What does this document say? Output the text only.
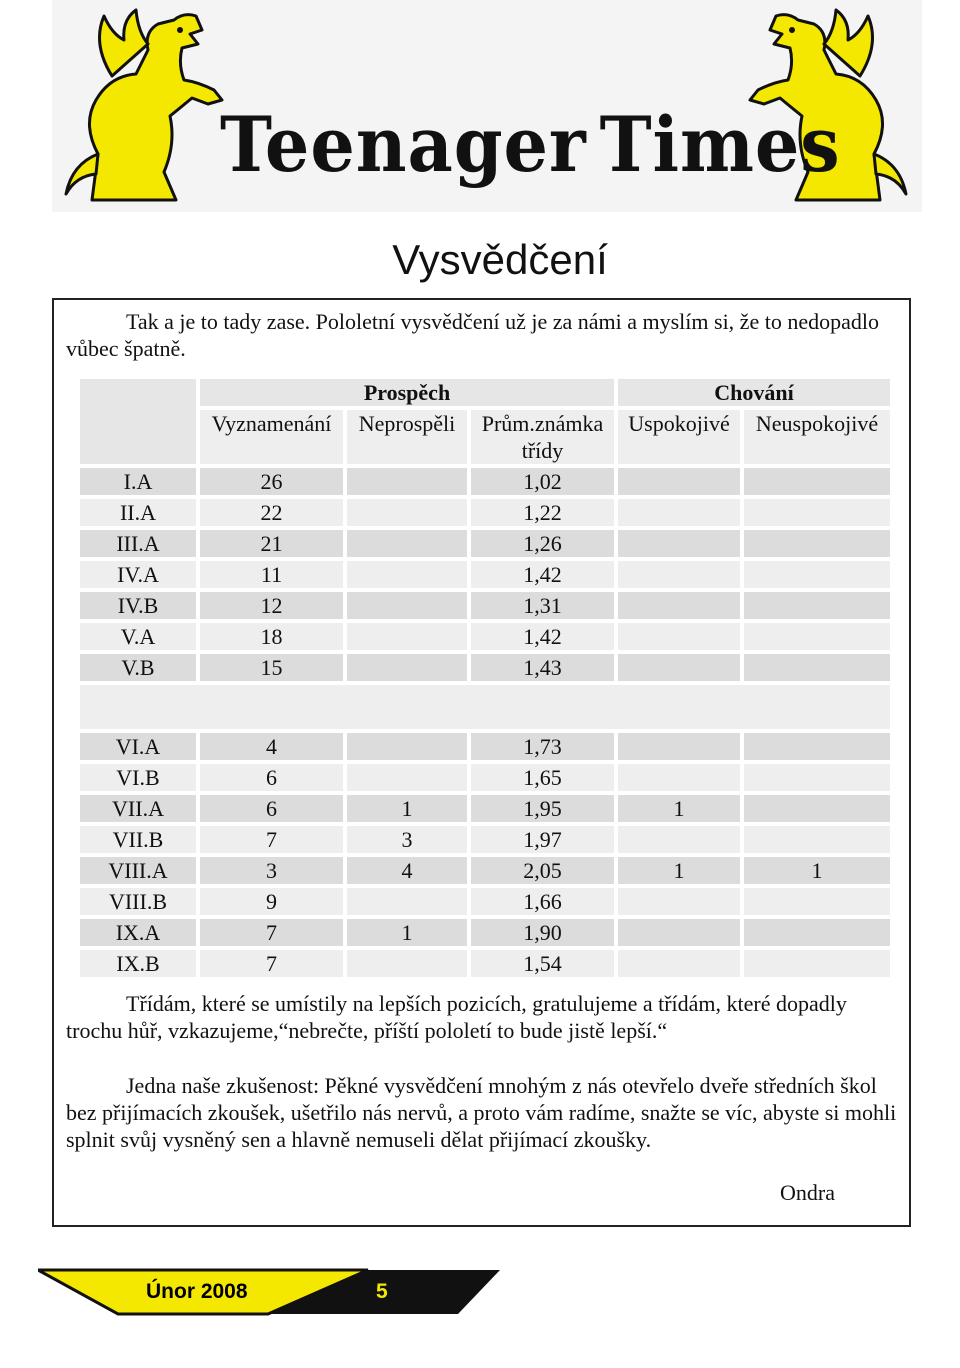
Teenager Times
Vysvědčení

Tak a je to tady zase. Pololetní vysvědčení už je za námi a myslím si, že to nedopadlo vůbec špatně.

Třídám, které se umístily na lepších pozicích, gratulujeme a třídám, které dopadly trochu hůř, vzkazujeme,“nebrečte, příští pololetí to bude jistě lepší.“

Jedna naše zkušenost: Pěkné vysvědčení mnohým z nás otevřelo dveře středních škol bez přijímacích zkoušek, ušetřilo nás nervů, a proto vám radíme, snažte se víc, abyste si mohli splnit svůj vysněný sen a hlavně nemuseli dělat přijímací zkoušky.

Ondra
	Prospěch			Chování	
	Vyznamenání	Neprospěli	Prům.známka třídy	Uspokojivé	Neuspokojivé
I.A	26		1,02		
II.A	22		1,22		
III.A	21		1,26		
IV.A	11		1,42		
IV.B	12		1,31		
V.A	18		1,42		
V.B	15		1,43		

VI.A	4		1,73		
VI.B	6		1,65		
VII.A	6	1	1,95	1	
VII.B	7	3	1,97		
VIII.A	3	4	2,05	1	1
VIII.B	9		1,66		
IX.A	7	1	1,90		
IX.B	7		1,54		
Únor 2008	5
